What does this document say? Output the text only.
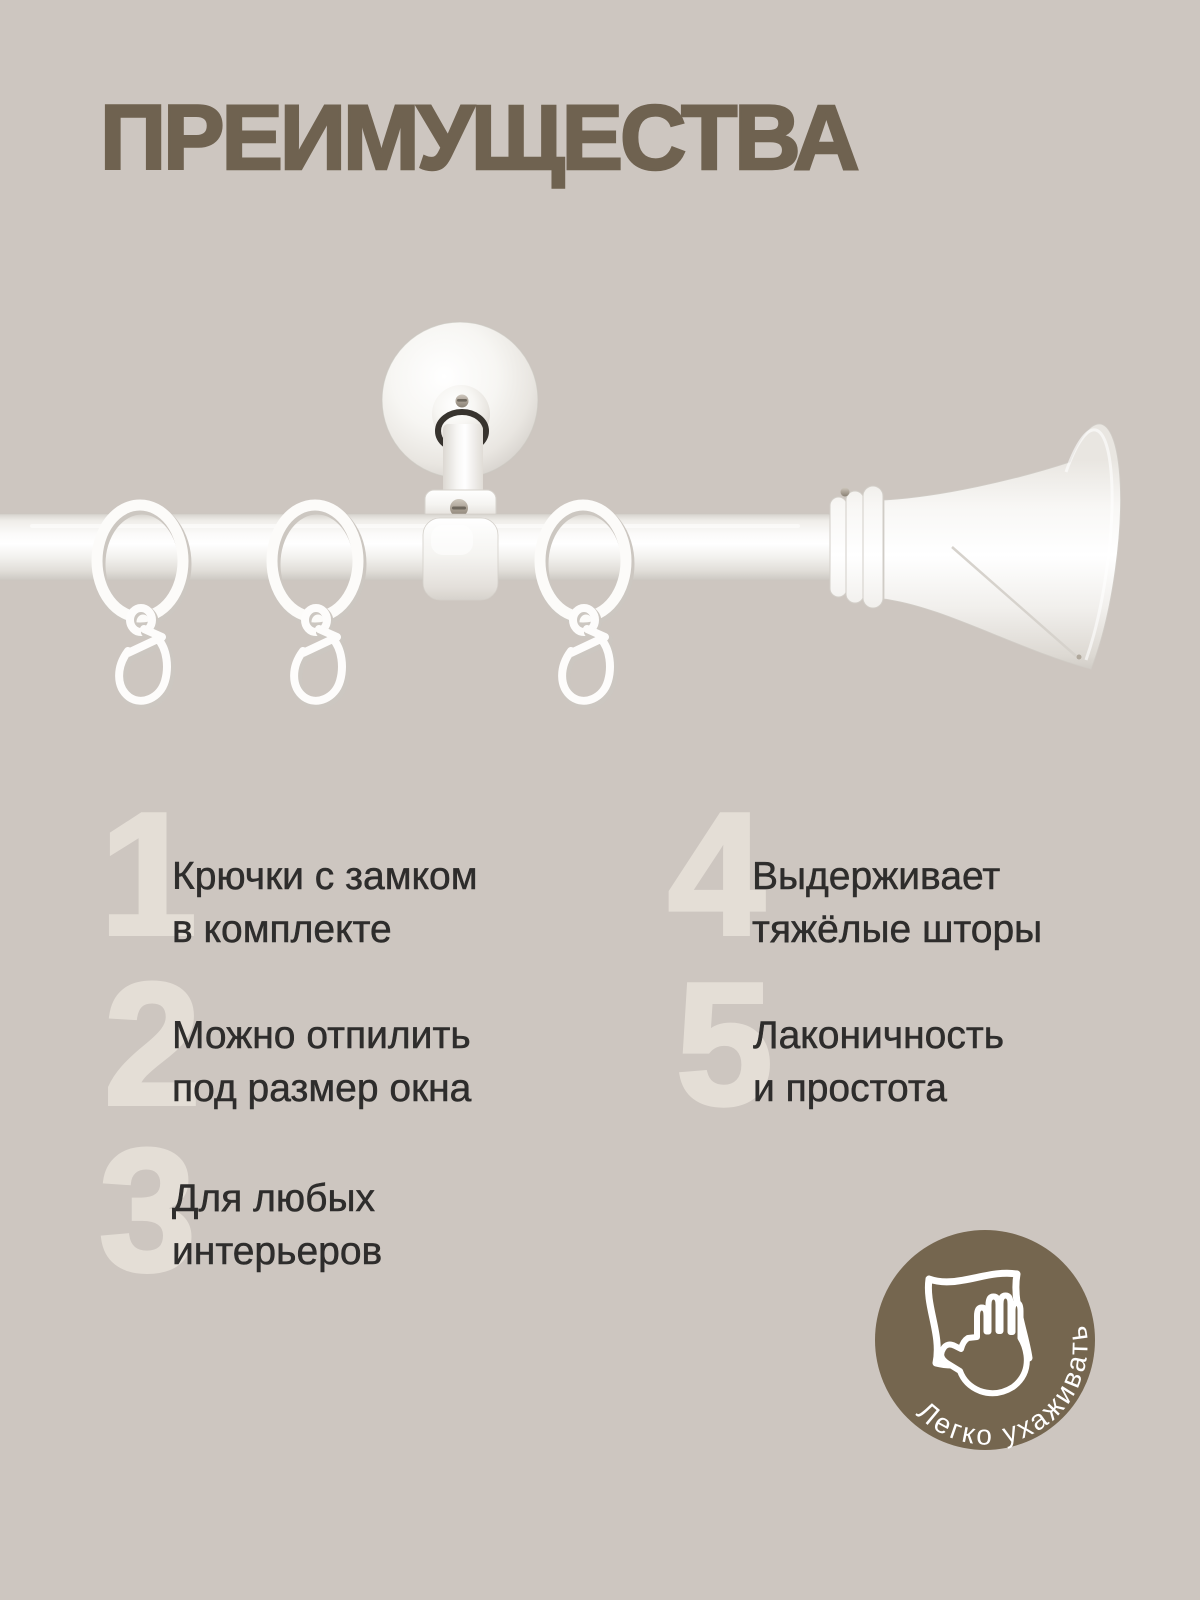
ПРЕИМУЩЕСТВА
1
Крючки с замком
в комплекте
2
Можно отпилить
под размер окна
3
Для любых
интерьеров
4
Выдерживает
тяжёлые шторы
5
Лаконичность
и простота
Легко ухаживать
